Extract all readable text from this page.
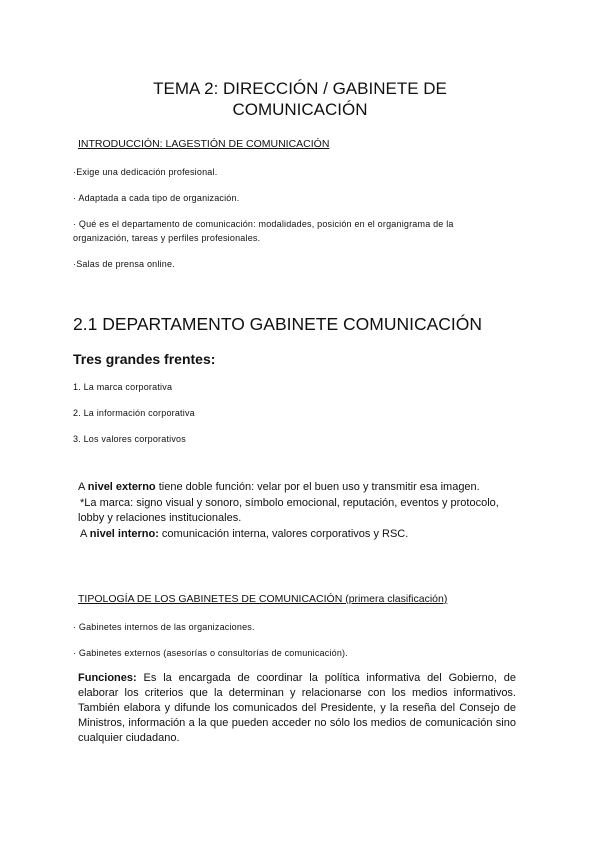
TEMA 2: DIRECCIÓN / GABINETE DE
COMUNICACIÓN
INTRODUCCIÓN: LAGESTIÓN DE COMUNICACIÓN
·Exige una dedicación profesional.
· Adaptada a cada tipo de organización.
· Qué es el departamento de comunicación: modalidades, posición en el organigrama de la
organización, tareas y perfiles profesionales.
·Salas de prensa online.
2.1 DEPARTAMENTO GABINETE COMUNICACIÓN
Tres grandes frentes:
1. La marca corporativa
2. La información corporativa
3. Los valores corporativos
A nivel externo tiene doble función: velar por el buen uso y transmitir esa imagen.
*La marca: signo visual y sonoro, símbolo emocional, reputación, eventos y protocolo,
lobby y relaciones institucionales.
A nivel interno: comunicación interna, valores corporativos y RSC.
TIPOLOGÍA DE LOS GABINETES DE COMUNICACIÓN (primera clasificación)
· Gabinetes internos de las organizaciones.
· Gabinetes externos (asesorías o consultorías de comunicación).
Funciones: Es la encargada de coordinar la política informativa del Gobierno, de elaborar los criterios que la determinan y relacionarse con los medios informativos. También elabora y difunde los comunicados del Presidente, y la reseña del Consejo de Ministros, información a la que pueden acceder no sólo los medios de comunicación sino cualquier ciudadano.
